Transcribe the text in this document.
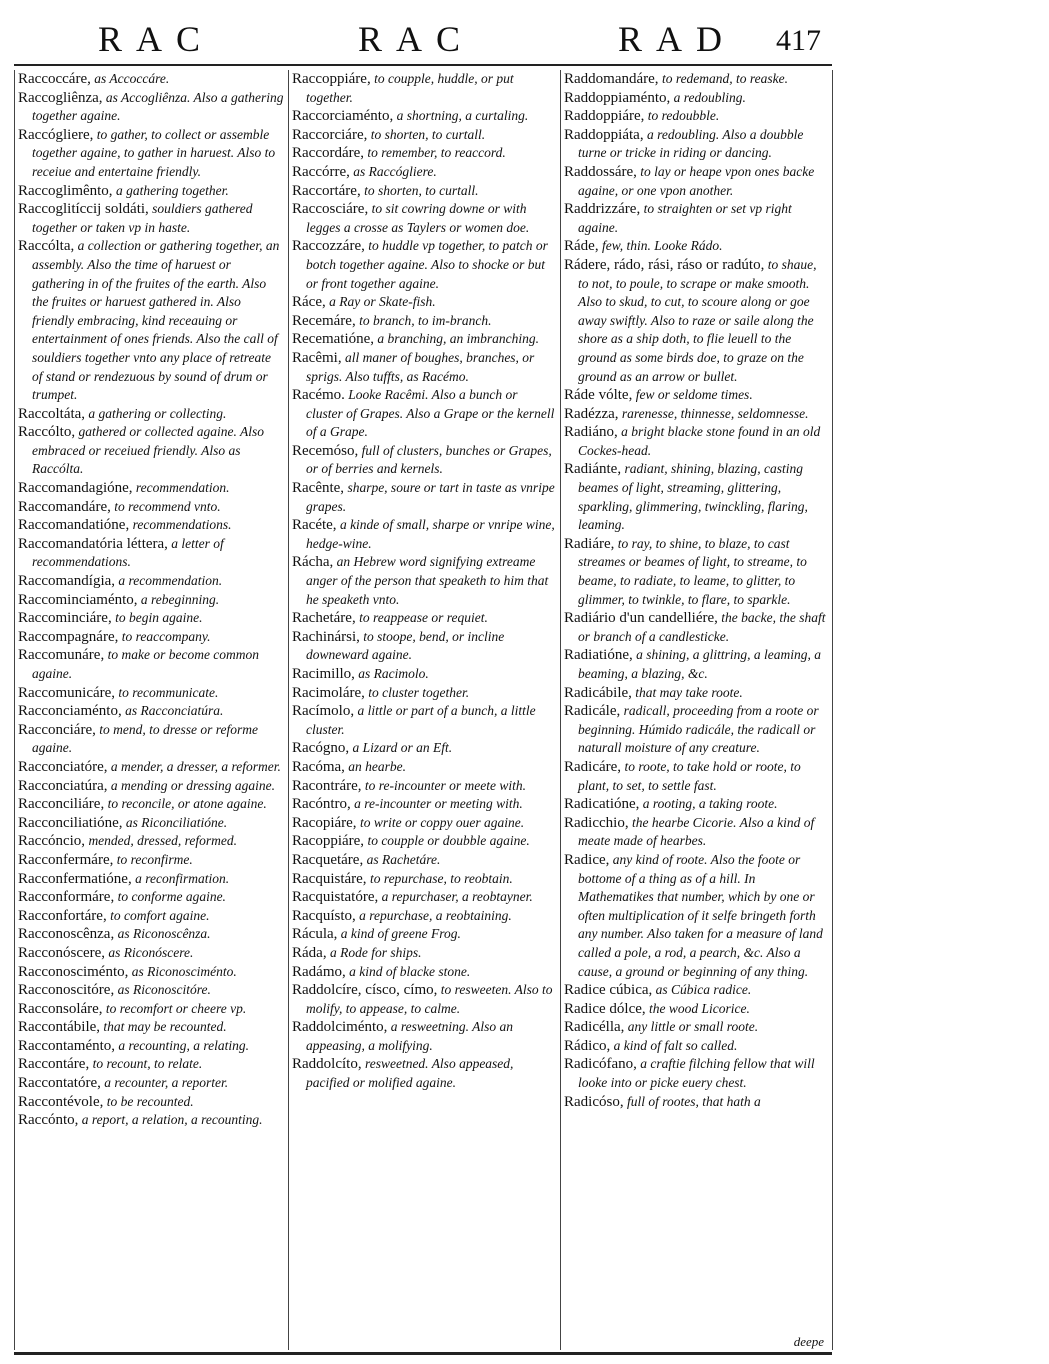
RAC	RAC	RAD 417

Raccoccáre, as Accoccáre.

Raccogliênza, as Accogliênza. Also a gathering together againe.

Raccógliere, to gather, to collect or assemble together againe, to gather in haruest. Also to receiue and entertaine friendly.

Raccoglimênto, a gathering together.

Raccoglitíccij soldáti, souldiers gathered together or taken vp in haste.

Raccólta, a collection or gathering together, an assembly. Also the time of haruest or gathering in of the fruites of the earth. Also the fruites or haruest gathered in. Also friendly embracing, kind receauing or entertainment of ones friends. Also the call of souldiers together vnto any place of retreate of stand or rendezuous by sound of drum or trumpet.

Raccoltáta, a gathering or collecting.

Raccólto, gathered or collected againe. Also embraced or receiued friendly. Also as Raccólta.

Raccomandagióne, recommendation.

Raccomandáre, to recommend vnto.

Raccomandatióne, recommendations.

Raccomandatória léttera, a letter of recommendations.

Raccomandígia, a recommendation.

Raccominciaménto, a rebeginning.

Raccominciáre, to begin againe.

Raccompagnáre, to reaccompany.

Raccomunáre, to make or become common againe.

Raccomunicáre, to recommunicate.

Racconciaménto, as Racconciatúra.

Racconciáre, to mend, to dresse or reforme againe.

Racconciatóre, a mender, a dresser, a reformer.

Racconciatúra, a mending or dressing againe.

Racconciliáre, to reconcile, or atone againe.

Racconciliatióne, as Riconciliatióne.

Raccóncio, mended, dressed, reformed.

Racconfermáre, to reconfirme.

Racconfermatióne, a reconfirmation.

Racconformáre, to conforme againe.

Racconfortáre, to comfort againe.

Racconoscênza, as Riconoscênza.

Racconóscere, as Riconóscere.

Racconosciménto, as Riconosciménto.

Racconoscitóre, as Riconoscitóre.

Racconsoláre, to recomfort or cheere vp.

Raccontábile, that may be recounted.

Raccontaménto, a recounting, a relating.

Raccontáre, to recount, to relate.

Raccontatóre, a recounter, a reporter.

Raccontévole, to be recounted.

Raccónto, a report, a relation, a recounting.

Raccoppiáre, to coupple, huddle, or put together.

Raccorciaménto, a shortning, a curtaling.

Raccorciáre, to shorten, to curtall.

Raccordáre, to remember, to reaccord.

Raccórre, as Raccógliere.

Raccortáre, to shorten, to curtall.

Raccosciáre, to sit cowring downe or with legges a crosse as Taylers or women doe.

Raccozzáre, to huddle vp together, to patch or botch together againe. Also to shocke or but or front together againe.

Ráce, a Ray or Skate-fish.

Recemáre, to branch, to im-branch.

Recematióne, a branching, an imbranching.

Racêmi, all maner of boughes, branches, or sprigs. Also tuffts, as Racémo.

Racémo. Looke Racêmi. Also a bunch or cluster of Grapes. Also a Grape or the kernell of a Grape.

Recemóso, full of clusters, bunches or Grapes, or of berries and kernels.

Racênte, sharpe, soure or tart in taste as vnripe grapes.

Racéte, a kinde of small, sharpe or vnripe wine, hedge-wine.

Rácha, an Hebrew word signifying extreame anger of the person that speaketh to him that he speaketh vnto.

Rachetáre, to reappease or requiet.

Rachinársi, to stoope, bend, or incline downeward againe.

Racimillo, as Racimolo.

Racimoláre, to cluster together.

Racímolo, a little or part of a bunch, a little cluster.

Racógno, a Lizard or an Eft.

Racóma, an hearbe.

Racontráre, to re-incounter or meete with.

Racóntro, a re-incounter or meeting with.

Racopiáre, to write or coppy ouer againe.

Racoppiáre, to coupple or doubble againe.

Racquetáre, as Rachetáre.

Racquistáre, to repurchase, to reobtain.

Racquistatóre, a repurchaser, a reobtayner.

Racquísto, a repurchase, a reobtaining.

Rácula, a kind of greene Frog.

Ráda, a Rode for ships.

Radámo, a kind of blacke stone.

Raddolcíre, císco, címo, to resweeten. Also to molify, to appease, to calme.

Raddolciménto, a resweetning. Also an appeasing, a molifying.

Raddolcíto, resweetned. Also appeased, pacified or molified againe.

Raddomandáre, to redemand, to reaske.

Raddoppiaménto, a redoubling.

Raddoppiáre, to redoubble.

Raddoppiáta, a redoubling. Also a doubble turne or tricke in riding or dancing.

Raddossáre, to lay or heape vpon ones backe againe, or one vpon another.

Raddrizzáre, to straighten or set vp right againe.

Ráde, few, thin. Looke Rádo.

Rádere, rádo, rási, ráso or radúto, to shaue, to not, to poule, to scrape or make smooth. Also to skud, to cut, to scoure along or goe away swiftly. Also to raze or saile along the shore as a ship doth, to flie leuell to the ground as some birds doe, to graze on the ground as an arrow or bullet.

Ráde vólte, few or seldome times.

Radézza, rarenesse, thinnesse, seldomnesse.

Radiáno, a bright blacke stone found in an old Cockes-head.

Radiánte, radiant, shining, blazing, casting beames of light, streaming, glittering, sparkling, glimmering, twinckling, flaring, leaming.

Radiáre, to ray, to shine, to blaze, to cast streames or beames of light, to streame, to beame, to radiate, to leame, to glitter, to glimmer, to twinkle, to flare, to sparkle.

Radiário d'un candelliére, the backe, the shaft or branch of a candlesticke.

Radiatióne, a shining, a glittring, a leaming, a beaming, a blazing, &c.

Radicábile, that may take roote.

Radicále, radicall, proceeding from a roote or beginning. Húmido radicále, the radicall or naturall moisture of any creature.

Radicáre, to roote, to take hold or roote, to plant, to set, to settle fast.

Radicatióne, a rooting, a taking roote.

Radicchio, the hearbe Cicorie. Also a kind of meate made of hearbes.

Radice, any kind of roote. Also the foote or bottome of a thing as of a hill. In Mathematikes that number, which by one or often multiplication of it selfe bringeth forth any number. Also taken for a measure of land called a pole, a rod, a pearch, &c. Also a cause, a ground or beginning of any thing.

Radice cúbica, as Cúbica radice.

Radice dólce, the wood Licorice.

Radicélla, any little or small roote.

Rádico, a kind of falt so called.

Radicófano, a craftie filching fellow that will looke into or picke euery chest.

Radicóso, full of rootes, that hath a

deepe
